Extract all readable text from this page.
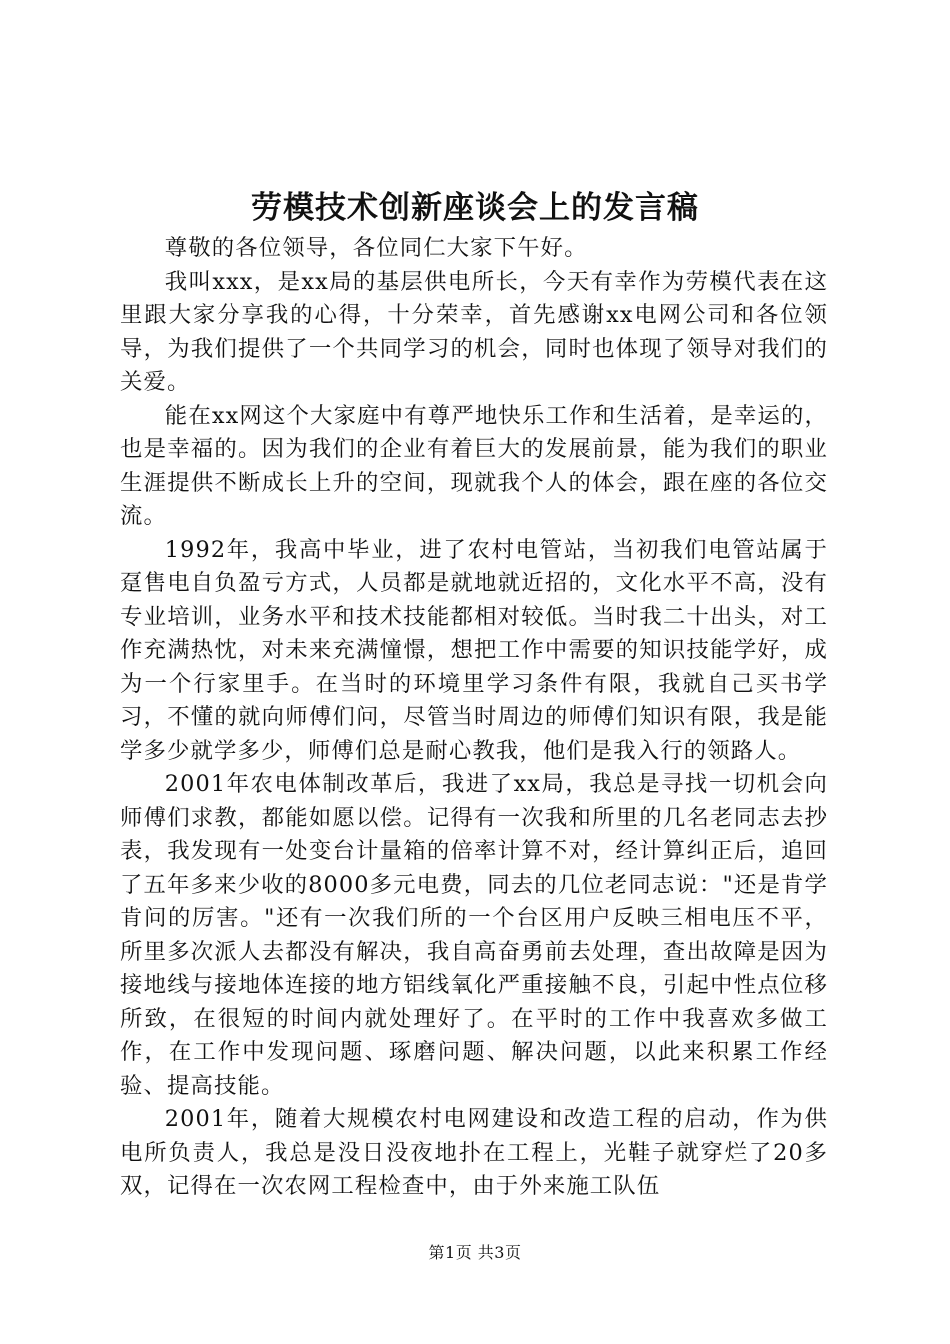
劳模技术创新座谈会上的发言稿

尊敬的各位领导，各位同仁大家下午好。

我叫xxx，是xx局的基层供电所长，今天有幸作为劳模代表在这里跟大家分享我的心得，十分荣幸，首先感谢xx电网公司和各位领导，为我们提供了一个共同学习的机会，同时也体现了领导对我们的关爱。

能在xx网这个大家庭中有尊严地快乐工作和生活着，是幸运的，也是幸福的。因为我们的企业有着巨大的发展前景，能为我们的职业生涯提供不断成长上升的空间，现就我个人的体会，跟在座的各位交流。

1992年，我高中毕业，进了农村电管站，当初我们电管站属于趸售电自负盈亏方式，人员都是就地就近招的，文化水平不高，没有专业培训，业务水平和技术技能都相对较低。当时我二十出头，对工作充满热忱，对未来充满憧憬，想把工作中需要的知识技能学好，成为一个行家里手。在当时的环境里学习条件有限，我就自己买书学习，不懂的就向师傅们问，尽管当时周边的师傅们知识有限，我是能学多少就学多少，师傅们总是耐心教我，他们是我入行的领路人。

2001年农电体制改革后，我进了xx局，我总是寻找一切机会向师傅们求教，都能如愿以偿。记得有一次我和所里的几名老同志去抄表，我发现有一处变台计量箱的倍率计算不对，经计算纠正后，追回了五年多来少收的8000多元电费，同去的几位老同志说："还是肯学肯问的厉害。"还有一次我们所的一个台区用户反映三相电压不平，所里多次派人去都没有解决，我自高奋勇前去处理，查出故障是因为接地线与接地体连接的地方铝线氧化严重接触不良，引起中性点位移所致，在很短的时间内就处理好了。在平时的工作中我喜欢多做工作，在工作中发现问题、琢磨问题、解决问题，以此来积累工作经验、提高技能。

2001年，随着大规模农村电网建设和改造工程的启动，作为供电所负责人，我总是没日没夜地扑在工程上，光鞋子就穿烂了20多双，记得在一次农网工程检查中，由于外来施工队伍

第1页 共3页
